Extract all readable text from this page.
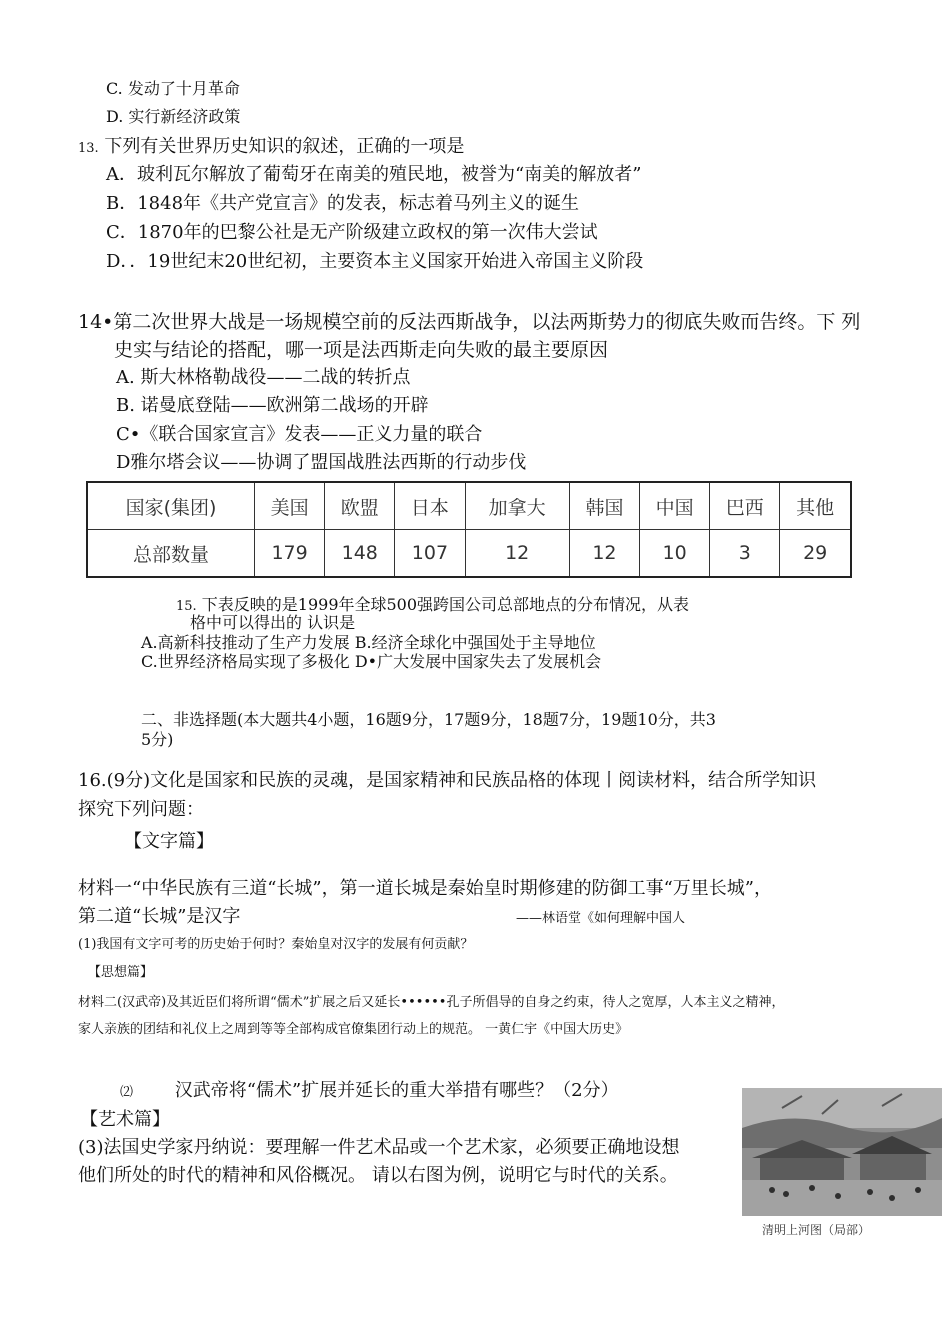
C. 发动了十月革命
D. 实行新经济政策
13. 下列有关世界历史知识的叙述，正确的一项是
A．玻利瓦尔解放了葡萄牙在南美的殖民地，被誉为“南美的解放者”
B．1848年《共产党宣言》的发表，标志着马列主义的诞生
C．1870年的巴黎公社是无产阶级建立政权的第一次伟大尝试
D．．19世纪末20世纪初，主要资本主义国家开始进入帝国主义阶段
14•第二次世界大战是一场规模空前的反法西斯战争，以法两斯势力的彻底失败而告终。下 列
史实与结论的搭配，哪一项是法西斯走向失败的最主要原因
A. 斯大林格勒战役——二战的转折点
B. 诺曼底登陆——欧洲第二战场的开辟
C•《联合国家宣言》发表——正义力量的联合
D雅尔塔会议——协调了盟国战胜法西斯的行动步伐
国家(集团)	美国	欧盟	日本	加拿大	韩国	中国	巴西	其他
总部数量	179	148	107	12	12	10	3	29
15. 下表反映的是1999年全球500强跨国公司总部地点的分布情况，从表
格中可以得出的 认识是
A.高新科技推动了生产力发展 B.经济全球化中强国处于主导地位
C.世界经济格局实现了多极化 D•广大发展中国家失去了发展机会
二、非选择题(本大题共4小题，16题9分，17题9分，18题7分，19题10分，共3
5分)
16.(9分)文化是国家和民族的灵魂，是国家精神和民族品格的体现丨阅读材料，结合所学知识
探究下列问题：
【文字篇】
材料一“中华民族有三道“长城”，第一道长城是秦始皇时期修建的防御工事“万里长城”，
第二道“长城”是汉字	——林语堂《如何理解中国人
(1)我国有文字可考的历史始于何时？秦始皇对汉字的发展有何贡献？
【思想篇】
材料二(汉武帝)及其近臣们将所谓“儒术”扩展之后又延长••••••孔子所倡导的自身之约束，待人之宽厚，人本主义之精神，
家人亲族的团结和礼仪上之周到等等全部构成官僚集团行动上的规范。 一黄仁宇《中国大历史》
⑵ 汉武帝将“儒术”扩展并延长的重大举措有哪些？（2分）
【艺术篇】
(3)法国史学家丹纳说：要理解一件艺术品或一个艺术家，必须要正确地设想
他们所处的时代的精神和风俗概况。 请以右图为例，说明它与时代的关系。
清明上河图（局部）
